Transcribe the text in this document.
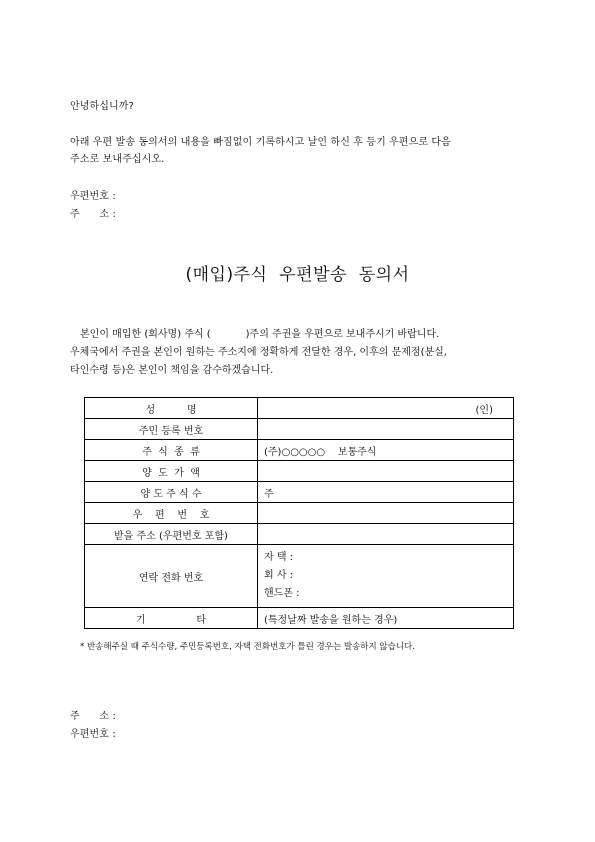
안녕하십니까?
아래 우편 발송 동의서의 내용을 빠짐없이 기록하시고 날인 하신 후 등기 우편으로 다음
주소로 보내주십시오.
우편번호 :
주      소 :
(매입)주식  우편발송  동의서
본인이 매입한 (회사명) 주식 (           )주의 주권을 우편으로 보내주시기 바랍니다.
우체국에서 주권을 본인이 원하는 주소지에 정확하게 전달한 경우, 이후의 문제점(분실,
타인수령 등)은 본인이 책임을 감수하겠습니다.
성          명	(인)
주민 등록 번호	
주  식  종  류	(주)○○○○○    보통주식
양  도  가  액	
양 도 주 식 수	주
우    편    번    호	
받을 주소 (우편번호 포함)	
연락 전화 번호	자 택 :
회 사 :
핸드폰 :

기                타	(특정날짜 발송을 원하는 경우)
* 반송해주실 때 주식수량, 주민등록번호, 자택 전화번호가 틀린 경우는 발송하지 않습니다.
주      소 :
우편번호 :
